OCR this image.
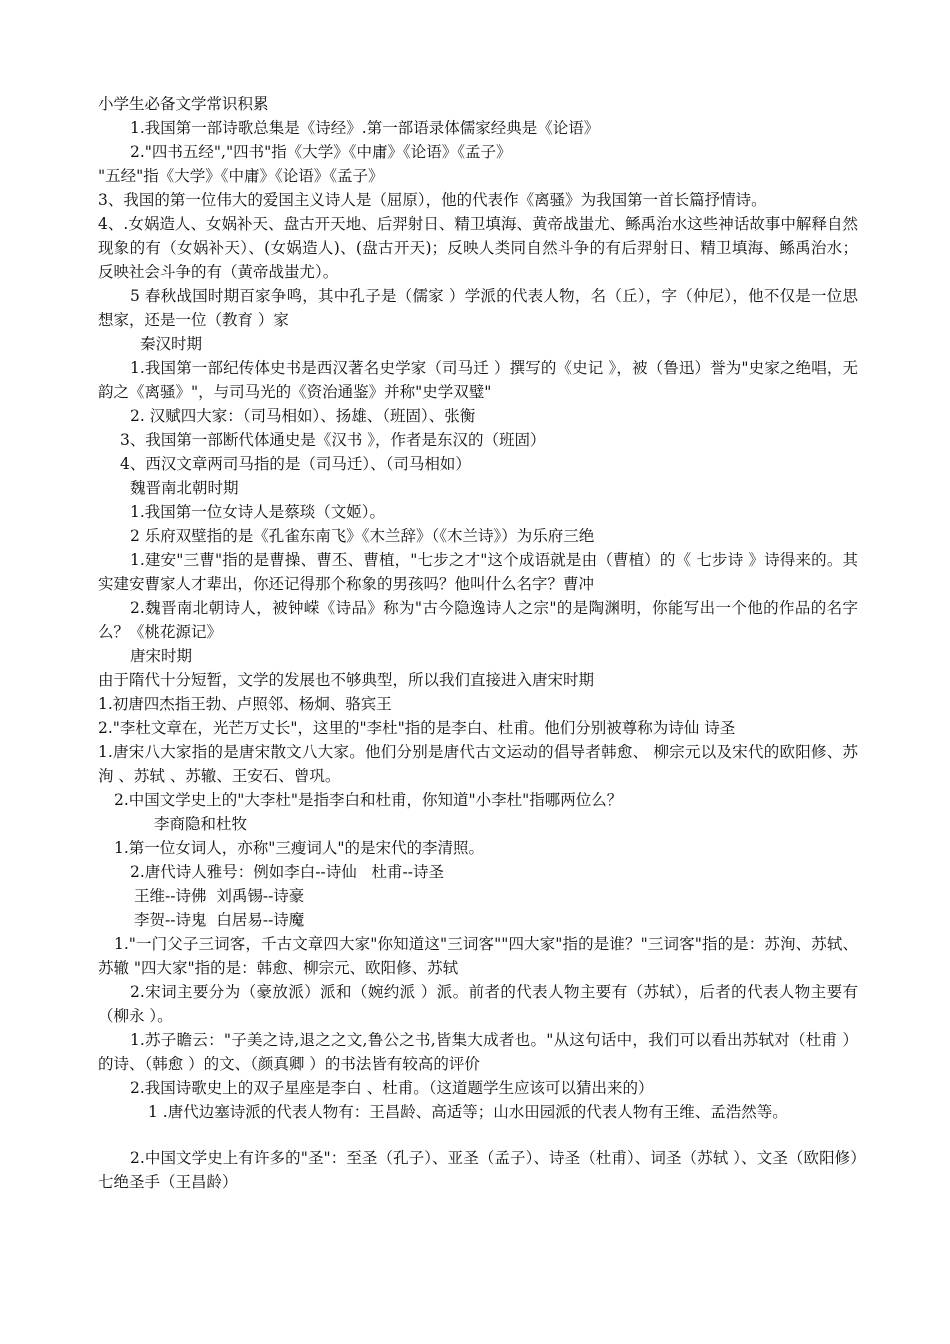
小学生必备文学常识积累

1.我国第一部诗歌总集是《诗经》.第一部语录体儒家经典是《论语》

2."四书五经","四书"指《大学》《中庸》《论语》《孟子》

"五经"指《大学》《中庸》《论语》《孟子》

3、我国的第一位伟大的爱国主义诗人是（屈原），他的代表作《离骚》为我国第一首长篇抒情诗。

4、.女娲造人、女娲补天、盘古开天地、后羿射日、精卫填海、黄帝战蚩尤、鲧禹治水这些神话故事中解释自然现象的有（女娲补天）、(女娲造人)、(盘古开天)；反映人类同自然斗争的有后羿射日、精卫填海、鲧禹治水；反映社会斗争的有（黄帝战蚩尤）。

5 春秋战国时期百家争鸣，其中孔子是（儒家 ）学派的代表人物，名（丘），字（仲尼），他不仅是一位思想家，还是一位（教育 ）家

秦汉时期

1.我国第一部纪传体史书是西汉著名史学家（司马迁 ）撰写的《史记 》，被（鲁迅）誉为"史家之绝唱，无韵之《离骚》"，与司马光的《资治通鉴》并称"史学双璧"

2. 汉赋四大家：（司马相如）、扬雄、（班固）、张衡

3、我国第一部断代体通史是《汉书 》，作者是东汉的（班固）

4、西汉文章两司马指的是（司马迁）、（司马相如）

魏晋南北朝时期

1.我国第一位女诗人是蔡琰（文姬）。

2 乐府双壁指的是《孔雀东南飞》《木兰辞》（《木兰诗》）为乐府三绝

1.建安"三曹"指的是曹操、曹丕、曹植，"七步之才"这个成语就是由（曹植）的《 七步诗 》诗得来的。其实建安曹家人才辈出，你还记得那个称象的男孩吗？他叫什么名字？曹冲

2.魏晋南北朝诗人，被钟嵘《诗品》称为"古今隐逸诗人之宗"的是陶渊明，你能写出一个他的作品的名字么？《桃花源记》

唐宋时期

由于隋代十分短暂，文学的发展也不够典型，所以我们直接进入唐宋时期

1.初唐四杰指王勃、卢照邻、杨炯、骆宾王

2."李杜文章在，光芒万丈长"，这里的"李杜"指的是李白、杜甫。他们分别被尊称为诗仙 诗圣

1.唐宋八大家指的是唐宋散文八大家。他们分别是唐代古文运动的倡导者韩愈、 柳宗元以及宋代的欧阳修、苏洵 、苏轼 、苏辙、王安石、曾巩。

2.中国文学史上的"大李杜"是指李白和杜甫，你知道"小李杜"指哪两位么？

李商隐和杜牧

1.第一位女词人，亦称"三瘦词人"的是宋代的李清照。

2.唐代诗人雅号：例如李白--诗仙   杜甫--诗圣

王维--诗佛  刘禹锡--诗豪

李贺--诗鬼  白居易--诗魔

1."一门父子三词客，千古文章四大家"你知道这"三词客""四大家"指的是谁？"三词客"指的是：苏洵、苏轼、苏辙 "四大家"指的是：韩愈、柳宗元、欧阳修、苏轼

2.宋词主要分为（豪放派）派和（婉约派 ）派。前者的代表人物主要有（苏轼），后者的代表人物主要有（柳永 ）。

1.苏子瞻云："子美之诗,退之之文,鲁公之书,皆集大成者也。"从这句话中，我们可以看出苏轼对（杜甫 ）的诗、（韩愈 ）的文、（颜真卿 ）的书法皆有较高的评价

2.我国诗歌史上的双子星座是李白 、杜甫。（这道题学生应该可以猜出来的）

1 .唐代边塞诗派的代表人物有：王昌龄、高适等；山水田园派的代表人物有王维、孟浩然等。

2.中国文学史上有许多的"圣"：至圣（孔子）、亚圣（孟子）、诗圣（杜甫）、词圣（苏轼 ）、文圣（欧阳修）七绝圣手（王昌龄）
